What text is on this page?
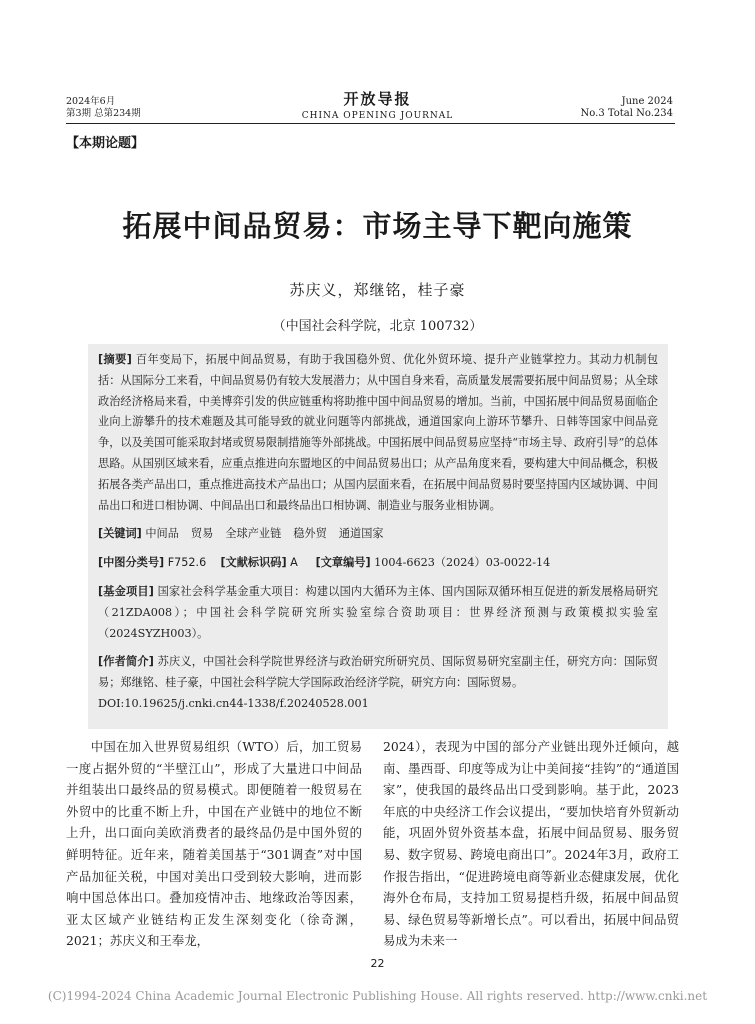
2024年6月
第3期 总第234期
开放导报
CHINA OPENING JOURNAL
June 2024
No.3 Total No.234
【本期论题】
拓展中间品贸易：市场主导下靶向施策
苏庆义，郑继铭，桂子豪
（中国社会科学院，北京 100732）

[摘要] 百年变局下，拓展中间品贸易，有助于我国稳外贸、优化外贸环境、提升产业链掌控力。其动力机制包括：从国际分工来看，中间品贸易仍有较大发展潜力；从中国自身来看，高质量发展需要拓展中间品贸易；从全球政治经济格局来看，中美博弈引发的供应链重构将助推中国中间品贸易的增加。当前，中国拓展中间品贸易面临企业向上游攀升的技术难题及其可能导致的就业问题等内部挑战，通道国家向上游环节攀升、日韩等国家中间品竞争，以及美国可能采取封堵或贸易限制措施等外部挑战。中国拓展中间品贸易应坚持“市场主导、政府引导”的总体思路。从国别区域来看，应重点推进向东盟地区的中间品贸易出口；从产品角度来看，要构建大中间品概念，积极拓展各类产品出口，重点推进高技术产品出口；从国内层面来看，在拓展中间品贸易时要坚持国内区域协调、中间品出口和进口相协调、中间品出口和最终品出口相协调、制造业与服务业相协调。

[关键词] 中间品 贸易 全球产业链 稳外贸 通道国家

[中图分类号] F752.6 [文献标识码] A [文章编号] 1004-6623（2024）03-0022-14

[基金项目] 国家社会科学基金重大项目：构建以国内大循环为主体、国内国际双循环相互促进的新发展格局研究（21ZDA008）；中国社会科学院研究所实验室综合资助项目：世界经济预测与政策模拟实验室（2024SYZH003）。

[作者简介] 苏庆义，中国社会科学院世界经济与政治研究所研究员、国际贸易研究室副主任，研究方向：国际贸易；郑继铭、桂子豪，中国社会科学院大学国际政治经济学院，研究方向：国际贸易。

DOI:10.19625/j.cnki.cn44-1338/f.20240528.001

中国在加入世界贸易组织（WTO）后，加工贸易一度占据外贸的“半壁江山”，形成了大量进口中间品并组装出口最终品的贸易模式。即便随着一般贸易在外贸中的比重不断上升，中国在产业链中的地位不断上升，出口面向美欧消费者的最终品仍是中国外贸的鲜明特征。近年来，随着美国基于“301调查”对中国产品加征关税，中国对美出口受到较大影响，进而影响中国总体出口。叠加疫情冲击、地缘政治等因素，亚太区域产业链结构正发生深刻变化（徐奇渊，2021；苏庆义和王奉龙，

2024），表现为中国的部分产业链出现外迁倾向，越南、墨西哥、印度等成为让中美间接“挂钩”的“通道国家”，使我国的最终品出口受到影响。基于此，2023年底的中央经济工作会议提出，“要加快培育外贸新动能，巩固外贸外资基本盘，拓展中间品贸易、服务贸易、数字贸易、跨境电商出口”。2024年3月，政府工作报告指出，“促进跨境电商等新业态健康发展，优化海外仓布局，支持加工贸易提档升级，拓展中间品贸易、绿色贸易等新增长点”。可以看出，拓展中间品贸易成为未来一

22
(C)1994-2024 China Academic Journal Electronic Publishing House. All rights reserved. http://www.cnki.net
